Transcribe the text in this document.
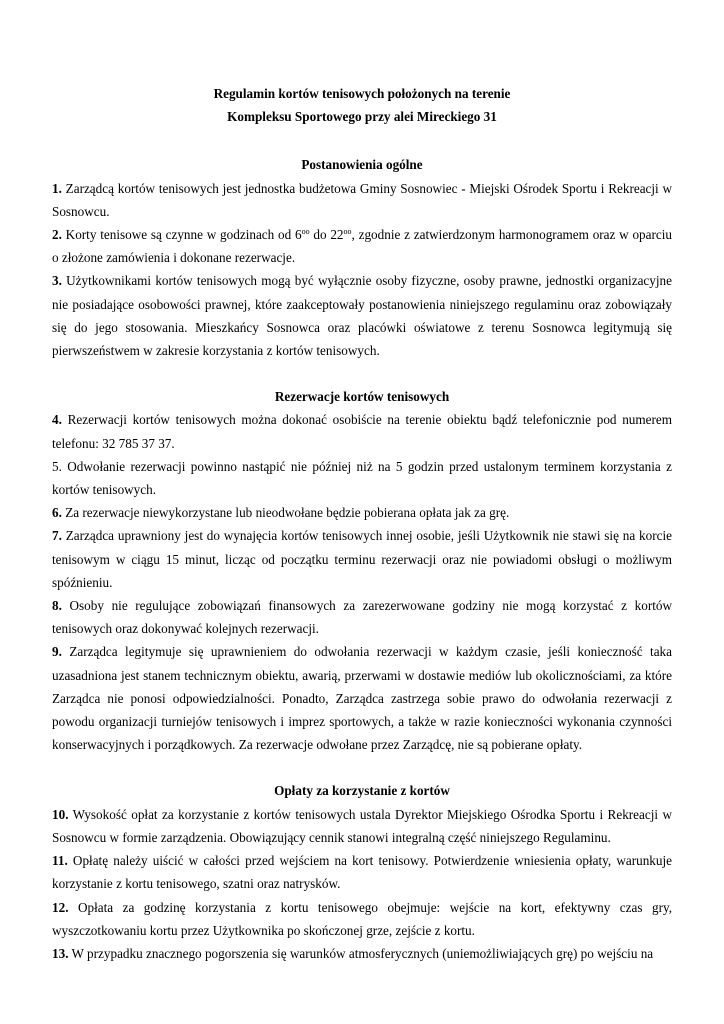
Regulamin kortów tenisowych położonych na terenie

Kompleksu Sportowego przy alei Mireckiego 31

Postanowienia ogólne

1. Zarządcą kortów tenisowych jest jednostka budżetowa Gminy Sosnowiec - Miejski Ośrodek Sportu i Rekreacji w Sosnowcu.

2. Korty tenisowe są czynne w godzinach od $6^{oo}$ do $22^{oo}$, zgodnie z zatwierdzonym harmonogramem oraz w oparciu o złożone zamówienia i dokonane rezerwacje.

3. Użytkownikami kortów tenisowych mogą być wyłącznie osoby fizyczne, osoby prawne, jednostki organizacyjne nie posiadające osobowości prawnej, które zaakceptowały postanowienia niniejszego regulaminu oraz zobowiązały się do jego stosowania. Mieszkańcy Sosnowca oraz placówki oświatowe z terenu Sosnowca legitymują się pierwszeństwem w zakresie korzystania z kortów tenisowych.

Rezerwacje kortów tenisowych

4. Rezerwacji kortów tenisowych można dokonać osobiście na terenie obiektu bądź telefonicznie pod numerem telefonu: 32 785 37 37.

5. Odwołanie rezerwacji powinno nastąpić nie później niż na 5 godzin przed ustalonym terminem korzystania z kortów tenisowych.

6. Za rezerwacje niewykorzystane lub nieodwołane będzie pobierana opłata jak za grę.

7. Zarządca uprawniony jest do wynajęcia kortów tenisowych innej osobie, jeśli Użytkownik nie stawi się na korcie tenisowym w ciągu 15 minut, licząc od początku terminu rezerwacji oraz nie powiadomi obsługi o możliwym spóźnieniu.

8. Osoby nie regulujące zobowiązań finansowych za zarezerwowane godziny nie mogą korzystać z kortów tenisowych oraz dokonywać kolejnych rezerwacji.

9. Zarządca legitymuje się uprawnieniem do odwołania rezerwacji w każdym czasie, jeśli konieczność taka uzasadniona jest stanem technicznym obiektu, awarią, przerwami w dostawie mediów lub okolicznościami, za które Zarządca nie ponosi odpowiedzialności. Ponadto, Zarządca zastrzega sobie prawo do odwołania rezerwacji z powodu organizacji turniejów tenisowych i imprez sportowych, a także w razie konieczności wykonania czynności konserwacyjnych i porządkowych. Za rezerwacje odwołane przez Zarządcę, nie są pobierane opłaty.

Opłaty za korzystanie z kortów

10. Wysokość opłat za korzystanie z kortów tenisowych ustala Dyrektor Miejskiego Ośrodka Sportu i Rekreacji w Sosnowcu w formie zarządzenia. Obowiązujący cennik stanowi integralną część niniejszego Regulaminu.

11. Opłatę należy uiścić w całości przed wejściem na kort tenisowy. Potwierdzenie wniesienia opłaty, warunkuje korzystanie z kortu tenisowego, szatni oraz natrysków.

12. Opłata za godzinę korzystania z kortu tenisowego obejmuje: wejście na kort, efektywny czas gry, wyszczotkowaniu kortu przez Użytkownika po skończonej grze, zejście z kortu.

13. W przypadku znacznego pogorszenia się warunków atmosferycznych (uniemożliwiających grę) po wejściu na
